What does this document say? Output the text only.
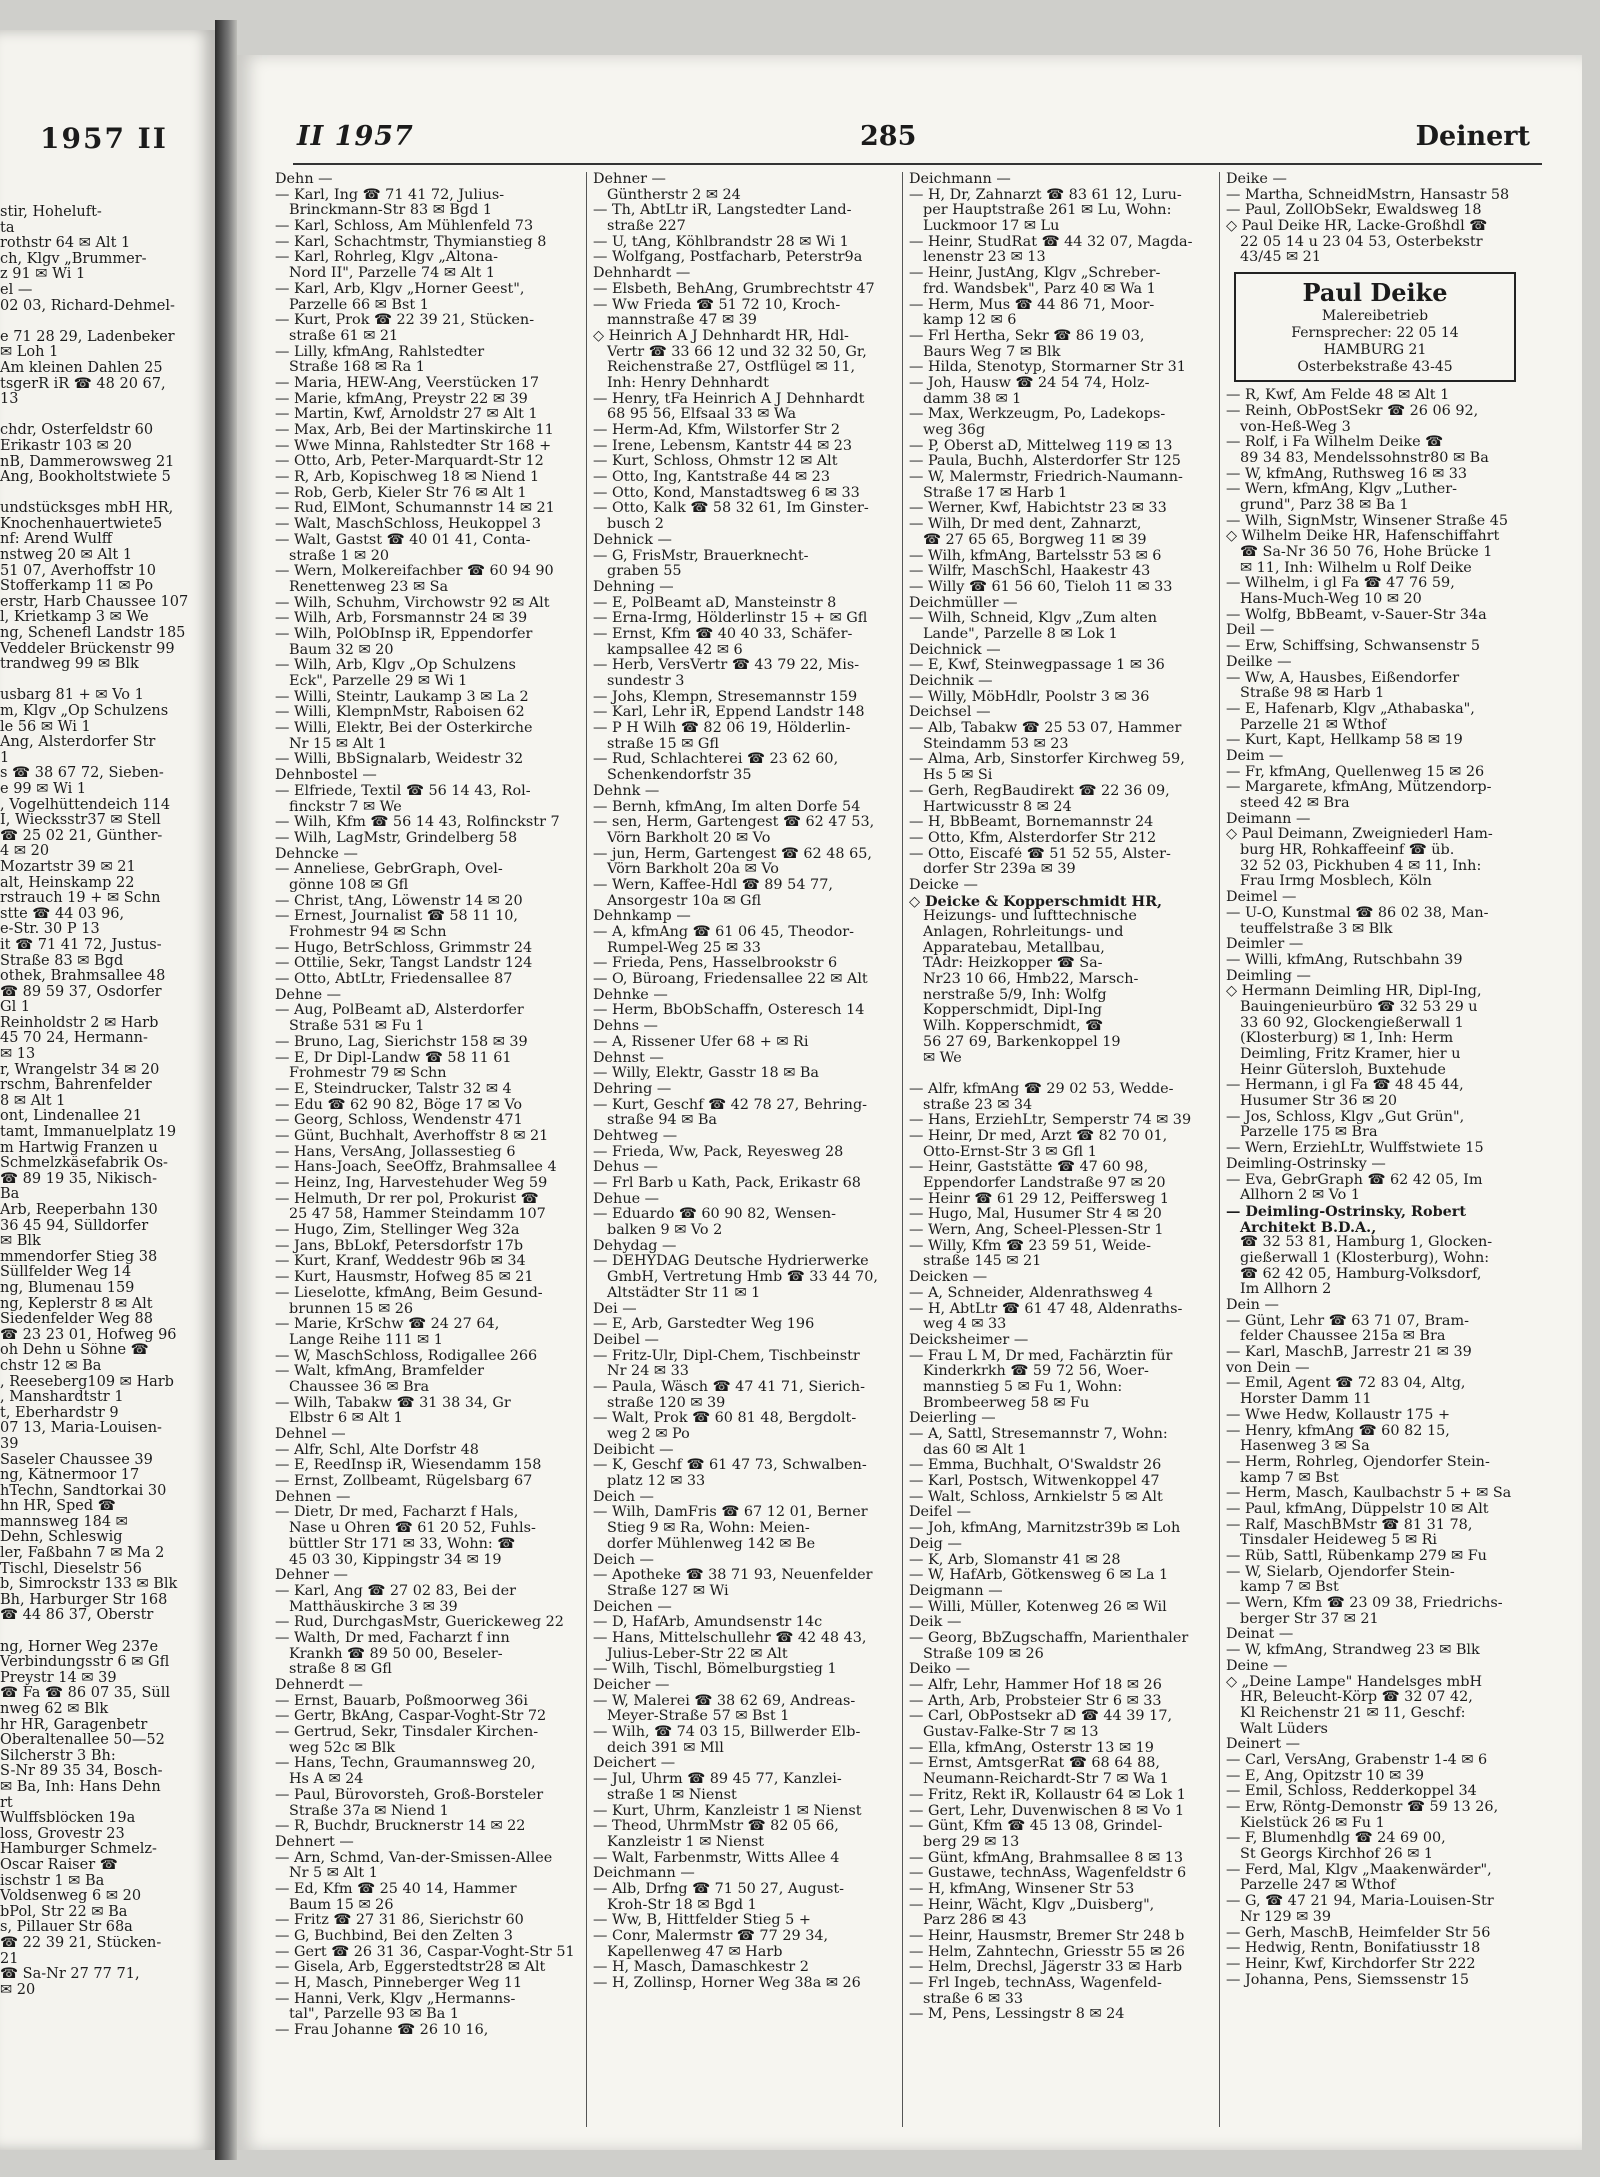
1957 II
stir, Hoheluft-
ta
rothstr 64 ✉ Alt 1
ch, Klgv „Brummer-
z 91 ✉ Wi 1
el —
02 03, Richard-Dehmel-
e 71 28 29, Ladenbeker
✉ Loh 1
Am kleinen Dahlen 25
tsgerR iR ☎ 48 20 67,
13
chdr, Osterfeldstr 60
Erikastr 103 ✉ 20
nB, Dammerowsweg 21
Ang, Bookholtstwiete 5
undstücksges mbH HR,
Knochenhauertwiete5
nf: Arend Wulff
nstweg 20 ✉ Alt 1
51 07, Averhoffstr 10
Stofferkamp 11 ✉ Po
erstr, Harb Chaussee 107
l, Krietkamp 3 ✉ We
ng, Schenefl Landstr 185
Veddeler Brückenstr 99
trandweg 99 ✉ Blk
usbarg 81 + ✉ Vo 1
m, Klgv „Op Schulzens
le 56 ✉ Wi 1
Ang, Alsterdorfer Str
1
s ☎ 38 67 72, Sieben-
e 99 ✉ Wi 1
, Vogelhüttendeich 114
I, Wiecksstr37 ✉ Stell
☎ 25 02 21, Günther-
4 ✉ 20
Mozartstr 39 ✉ 21
alt, Heinskamp 22
rstrauch 19 + ✉ Schn
stte ☎ 44 03 96,
e-Str. 30 P 13
it ☎ 71 41 72, Justus-
Straße 83 ✉ Bgd
othek, Brahmsallee 48
☎ 89 59 37, Osdorfer
Gl 1
Reinholdstr 2 ✉ Harb
45 70 24, Hermann-
✉ 13
r, Wrangelstr 34 ✉ 20
rschm, Bahrenfelder
8 ✉ Alt 1
ont, Lindenallee 21
tamt, Immanuelplatz 19
m Hartwig Franzen u
Schmelzkäsefabrik Os-
☎ 89 19 35, Nikisch-
Ba
Arb, Reeperbahn 130
36 45 94, Sülldorfer
✉ Blk
mmendorfer Stieg 38
Süllfelder Weg 14
ng, Blumenau 159
ng, Keplerstr 8 ✉ Alt
Siedenfelder Weg 88
☎ 23 23 01, Hofweg 96
oh Dehn u Söhne ☎
chstr 12 ✉ Ba
, Reeseberg109 ✉ Harb
, Manshardtstr 1
t, Eberhardstr 9
07 13, Maria-Louisen-
39
Saseler Chaussee 39
ng, Kätnermoor 17
hTechn, Sandtorkai 30
hn HR, Sped ☎
mannsweg 184 ✉
Dehn, Schleswig
ler, Faßbahn 7 ✉ Ma 2
Tischl, Dieselstr 56
b, Simrockstr 133 ✉ Blk
Bh, Harburger Str 168
☎ 44 86 37, Oberstr
ng, Horner Weg 237e
Verbindungsstr 6 ✉ Gfl
Preystr 14 ✉ 39
☎ Fa ☎ 86 07 35, Süll
nweg 62 ✉ Blk
hr HR, Garagenbetr
Oberaltenallee 50—52
Silcherstr 3 Bh:
S-Nr 89 35 34, Bosch-
✉ Ba, Inh: Hans Dehn
rt
Wulffsblöcken 19a
loss, Grovestr 23
Hamburger Schmelz-
Oscar Raiser ☎
ischstr 1 ✉ Ba
Voldsenweg 6 ✉ 20
bPol, Str 22 ✉ Ba
s, Pillauer Str 68a
☎ 22 39 21, Stücken-
21
☎ Sa-Nr 27 77 71,
✉ 20
II 1957	285	Deinert
Dehn —
— Karl, Ing ☎ 71 41 72, Julius-
Brinckmann-Str 83 ✉ Bgd 1
— Karl, Schloss, Am Mühlenfeld 73
— Karl, Schachtmstr, Thymianstieg 8
— Karl, Rohrleg, Klgv „Altona-
Nord II", Parzelle 74 ✉ Alt 1
— Karl, Arb, Klgv „Horner Geest",
Parzelle 66 ✉ Bst 1
— Kurt, Prok ☎ 22 39 21, Stücken-
straße 61 ✉ 21
— Lilly, kfmAng, Rahlstedter
Straße 168 ✉ Ra 1
— Maria, HEW-Ang, Veerstücken 17
— Marie, kfmAng, Preystr 22 ✉ 39
— Martin, Kwf, Arnoldstr 27 ✉ Alt 1
— Max, Arb, Bei der Martinskirche 11
— Wwe Minna, Rahlstedter Str 168 +
— Otto, Arb, Peter-Marquardt-Str 12
— R, Arb, Kopischweg 18 ✉ Niend 1
— Rob, Gerb, Kieler Str 76 ✉ Alt 1
— Rud, ElMont, Schumannstr 14 ✉ 21
— Walt, MaschSchloss, Heukoppel 3
— Walt, Gastst ☎ 40 01 41, Conta-
straße 1 ✉ 20
— Wern, Molkereifachber ☎ 60 94 90
Renettenweg 23 ✉ Sa
— Wilh, Schuhm, Virchowstr 92 ✉ Alt
— Wilh, Arb, Forsmannstr 24 ✉ 39
— Wilh, PolObInsp iR, Eppendorfer
Baum 32 ✉ 20
— Wilh, Arb, Klgv „Op Schulzens
Eck", Parzelle 29 ✉ Wi 1
— Willi, Steintr, Laukamp 3 ✉ La 2
— Willi, KlempnMstr, Raboisen 62
— Willi, Elektr, Bei der Osterkirche
Nr 15 ✉ Alt 1
— Willi, BbSignalarb, Weidestr 32
Dehnbostel —
— Elfriede, Textil ☎ 56 14 43, Rol-
finckstr 7 ✉ We
— Wilh, Kfm ☎ 56 14 43, Rolfinckstr 7
— Wilh, LagMstr, Grindelberg 58
Dehncke —
— Anneliese, GebrGraph, Ovel-
gönne 108 ✉ Gfl
— Christ, tAng, Löwenstr 14 ✉ 20
— Ernest, Journalist ☎ 58 11 10,
Frohmestr 94 ✉ Schn
— Hugo, BetrSchloss, Grimmstr 24
— Ottilie, Sekr, Tangst Landstr 124
— Otto, AbtLtr, Friedensallee 87
Dehne —
— Aug, PolBeamt aD, Alsterdorfer
Straße 531 ✉ Fu 1
— Bruno, Lag, Sierichstr 158 ✉ 39
— E, Dr Dipl-Landw ☎ 58 11 61
Frohmestr 79 ✉ Schn
— E, Steindrucker, Talstr 32 ✉ 4
— Edu ☎ 62 90 82, Böge 17 ✉ Vo
— Georg, Schloss, Wendenstr 471
— Günt, Buchhalt, Averhoffstr 8 ✉ 21
— Hans, VersAng, Jollassestieg 6
— Hans-Joach, SeeOffz, Brahmsallee 4
— Heinz, Ing, Harvestehuder Weg 59
— Helmuth, Dr rer pol, Prokurist ☎
25 47 58, Hammer Steindamm 107
— Hugo, Zim, Stellinger Weg 32a
— Jans, BbLokf, Petersdorfstr 17b
— Kurt, Kranf, Weddestr 96b ✉ 34
— Kurt, Hausmstr, Hofweg 85 ✉ 21
— Lieselotte, kfmAng, Beim Gesund-
brunnen 15 ✉ 26
— Marie, KrSchw ☎ 24 27 64,
Lange Reihe 111 ✉ 1
— W, MaschSchloss, Rodigallee 266
— Walt, kfmAng, Bramfelder
Chaussee 36 ✉ Bra
— Wilh, Tabakw ☎ 31 38 34, Gr
Elbstr 6 ✉ Alt 1
Dehnel —
— Alfr, Schl, Alte Dorfstr 48
— E, ReedInsp iR, Wiesendamm 158
— Ernst, Zollbeamt, Rügelsbarg 67
Dehnen —
— Dietr, Dr med, Facharzt f Hals,
Nase u Ohren ☎ 61 20 52, Fuhls-
büttler Str 171 ✉ 33, Wohn: ☎
45 03 30, Kippingstr 34 ✉ 19
Dehner —
— Karl, Ang ☎ 27 02 83, Bei der
Matthäuskirche 3 ✉ 39
— Rud, DurchgasMstr, Guerickeweg 22
— Walth, Dr med, Facharzt f inn
Krankh ☎ 89 50 00, Beseler-
straße 8 ✉ Gfl
Dehnerdt —
— Ernst, Bauarb, Poßmoorweg 36i
— Gertr, BkAng, Caspar-Voght-Str 72
— Gertrud, Sekr, Tinsdaler Kirchen-
weg 52c ✉ Blk
— Hans, Techn, Graumannsweg 20,
Hs A ✉ 24
— Paul, Bürovorsteh, Groß-Borsteler
Straße 37a ✉ Niend 1
— R, Buchdr, Brucknerstr 14 ✉ 22
Dehnert —
— Arn, Schmd, Van-der-Smissen-Allee
Nr 5 ✉ Alt 1
— Ed, Kfm ☎ 25 40 14, Hammer
Baum 15 ✉ 26
— Fritz ☎ 27 31 86, Sierichstr 60
— G, Buchbind, Bei den Zelten 3
— Gert ☎ 26 31 36, Caspar-Voght-Str 51
— Gisela, Arb, Eggerstedtstr28 ✉ Alt
— H, Masch, Pinneberger Weg 11
— Hanni, Verk, Klgv „Hermanns-
tal", Parzelle 93 ✉ Ba 1
— Frau Johanne ☎ 26 10 16,
Dehner —
Güntherstr 2 ✉ 24
— Th, AbtLtr iR, Langstedter Land-
straße 227
— U, tAng, Köhlbrandstr 28 ✉ Wi 1
— Wolfgang, Postfacharb, Peterstr9a
Dehnhardt —
— Elsbeth, BehAng, Grumbrechtstr 47
— Ww Frieda ☎ 51 72 10, Kroch-
mannstraße 47 ✉ 39
◇ Heinrich A J Dehnhardt HR, Hdl-
Vertr ☎ 33 66 12 und 32 32 50, Gr,
Reichenstraße 27, Ostflügel ✉ 11,
Inh: Henry Dehnhardt
— Henry, tFa Heinrich A J Dehnhardt
68 95 56, Elfsaal 33 ✉ Wa
— Herm-Ad, Kfm, Wilstorfer Str 2
— Irene, Lebensm, Kantstr 44 ✉ 23
— Kurt, Schloss, Ohmstr 12 ✉ Alt
— Otto, Ing, Kantstraße 44 ✉ 23
— Otto, Kond, Manstadtsweg 6 ✉ 33
— Otto, Kalk ☎ 58 32 61, Im Ginster-
busch 2
Dehnick —
— G, FrisMstr, Brauerknecht-
graben 55
Dehning —
— E, PolBeamt aD, Mansteinstr 8
— Erna-Irmg, Hölderlinstr 15 + ✉ Gfl
— Ernst, Kfm ☎ 40 40 33, Schäfer-
kampsallee 42 ✉ 6
— Herb, VersVertr ☎ 43 79 22, Mis-
sundestr 3
— Johs, Klempn, Stresemannstr 159
— Karl, Lehr iR, Eppend Landstr 148
— P H Wilh ☎ 82 06 19, Hölderlin-
straße 15 ✉ Gfl
— Rud, Schlachterei ☎ 23 62 60,
Schenkendorfstr 35
Dehnk —
— Bernh, kfmAng, Im alten Dorfe 54
— sen, Herm, Gartengest ☎ 62 47 53,
Vörn Barkholt 20 ✉ Vo
— jun, Herm, Gartengest ☎ 62 48 65,
Vörn Barkholt 20a ✉ Vo
— Wern, Kaffee-Hdl ☎ 89 54 77,
Ansorgestr 10a ✉ Gfl
Dehnkamp —
— A, kfmAng ☎ 61 06 45, Theodor-
Rumpel-Weg 25 ✉ 33
— Frieda, Pens, Hasselbrookstr 6
— O, Büroang, Friedensallee 22 ✉ Alt
Dehnke —
— Herm, BbObSchaffn, Osteresch 14
Dehns —
— A, Rissener Ufer 68 + ✉ Ri
Dehnst —
— Willy, Elektr, Gasstr 18 ✉ Ba
Dehring —
— Kurt, Geschf ☎ 42 78 27, Behring-
straße 94 ✉ Ba
Dehtweg —
— Frieda, Ww, Pack, Reyesweg 28
Dehus —
— Frl Barb u Kath, Pack, Erikastr 68
Dehue —
— Eduardo ☎ 60 90 82, Wensen-
balken 9 ✉ Vo 2
Dehydag —
— DEHYDAG Deutsche Hydrierwerke
GmbH, Vertretung Hmb ☎ 33 44 70,
Altstädter Str 11 ✉ 1
Dei —
— E, Arb, Garstedter Weg 196
Deibel —
— Fritz-Ulr, Dipl-Chem, Tischbeinstr
Nr 24 ✉ 33
— Paula, Wäsch ☎ 47 41 71, Sierich-
straße 120 ✉ 39
— Walt, Prok ☎ 60 81 48, Bergdolt-
weg 2 ✉ Po
Deibicht —
— K, Geschf ☎ 61 47 73, Schwalben-
platz 12 ✉ 33
Deich —
— Wilh, DamFris ☎ 67 12 01, Berner
Stieg 9 ✉ Ra, Wohn: Meien-
dorfer Mühlenweg 142 ✉ Be
Deich —
— Apotheke ☎ 38 71 93, Neuenfelder
Straße 127 ✉ Wi
Deichen —
— D, HafArb, Amundsenstr 14c
— Hans, Mittelschullehr ☎ 42 48 43,
Julius-Leber-Str 22 ✉ Alt
— Wilh, Tischl, Bömelburgstieg 1
Deicher —
— W, Malerei ☎ 38 62 69, Andreas-
Meyer-Straße 57 ✉ Bst 1
— Wilh, ☎ 74 03 15, Billwerder Elb-
deich 391 ✉ Mll
Deichert —
— Jul, Uhrm ☎ 89 45 77, Kanzlei-
straße 1 ✉ Nienst
— Kurt, Uhrm, Kanzleistr 1 ✉ Nienst
— Theod, UhrmMstr ☎ 82 05 66,
Kanzleistr 1 ✉ Nienst
— Walt, Farbenmstr, Witts Allee 4
Deichmann —
— Alb, Drfng ☎ 71 50 27, August-
Kroh-Str 18 ✉ Bgd 1
— Ww, B, Hittfelder Stieg 5 +
— Conr, Malermstr ☎ 77 29 34,
Kapellenweg 47 ✉ Harb
— H, Masch, Damaschkestr 2
— H, Zollinsp, Horner Weg 38a ✉ 26
Deichmann —
— H, Dr, Zahnarzt ☎ 83 61 12, Luru-
per Hauptstraße 261 ✉ Lu, Wohn:
Luckmoor 17 ✉ Lu
— Heinr, StudRat ☎ 44 32 07, Magda-
lenenstr 23 ✉ 13
— Heinr, JustAng, Klgv „Schreber-
frd. Wandsbek", Parz 40 ✉ Wa 1
— Herm, Mus ☎ 44 86 71, Moor-
kamp 12 ✉ 6
— Frl Hertha, Sekr ☎ 86 19 03,
Baurs Weg 7 ✉ Blk
— Hilda, Stenotyp, Stormarner Str 31
— Joh, Hausw ☎ 24 54 74, Holz-
damm 38 ✉ 1
— Max, Werkzeugm, Po, Ladekops-
weg 36g
— P, Oberst aD, Mittelweg 119 ✉ 13
— Paula, Buchh, Alsterdorfer Str 125
— W, Malermstr, Friedrich-Naumann-
Straße 17 ✉ Harb 1
— Werner, Kwf, Habichtstr 23 ✉ 33
— Wilh, Dr med dent, Zahnarzt,
☎ 27 65 65, Borgweg 11 ✉ 39
— Wilh, kfmAng, Bartelsstr 53 ✉ 6
— Wilfr, MaschSchl, Haakestr 43
— Willy ☎ 61 56 60, Tieloh 11 ✉ 33
Deichmüller —
— Wilh, Schneid, Klgv „Zum alten
Lande", Parzelle 8 ✉ Lok 1
Deichnick —
— E, Kwf, Steinwegpassage 1 ✉ 36
Deichnik —
— Willy, MöbHdlr, Poolstr 3 ✉ 36
Deichsel —
— Alb, Tabakw ☎ 25 53 07, Hammer
Steindamm 53 ✉ 23
— Alma, Arb, Sinstorfer Kirchweg 59,
Hs 5 ✉ Si
— Gerh, RegBaudirekt ☎ 22 36 09,
Hartwicusstr 8 ✉ 24
— H, BbBeamt, Bornemannstr 24
— Otto, Kfm, Alsterdorfer Str 212
— Otto, Eiscafé ☎ 51 52 55, Alster-
dorfer Str 239a ✉ 39
Deicke —
◇ Deicke & Kopperschmidt HR,
Heizungs- und lufttechnische
Anlagen, Rohrleitungs- und
Apparatebau, Metallbau,
TAdr: Heizkopper ☎ Sa-
Nr23 10 66, Hmb22, Marsch-
nerstraße 5/9, Inh: Wolfg
Kopperschmidt, Dipl-Ing
Wilh. Kopperschmidt, ☎
56 27 69, Barkenkoppel 19
✉ We
— Alfr, kfmAng ☎ 29 02 53, Wedde-
straße 23 ✉ 34
— Hans, ErziehLtr, Semperstr 74 ✉ 39
— Heinr, Dr med, Arzt ☎ 82 70 01,
Otto-Ernst-Str 3 ✉ Gfl 1
— Heinr, Gaststätte ☎ 47 60 98,
Eppendorfer Landstraße 97 ✉ 20
— Heinr ☎ 61 29 12, Peiffersweg 1
— Hugo, Mal, Husumer Str 4 ✉ 20
— Wern, Ang, Scheel-Plessen-Str 1
— Willy, Kfm ☎ 23 59 51, Weide-
straße 145 ✉ 21
Deicken —
— A, Schneider, Aldenrathsweg 4
— H, AbtLtr ☎ 61 47 48, Aldenraths-
weg 4 ✉ 33
Deicksheimer —
— Frau L M, Dr med, Fachärztin für
Kinderkrkh ☎ 59 72 56, Woer-
mannstieg 5 ✉ Fu 1, Wohn:
Brombeerweg 58 ✉ Fu
Deierling —
— A, Sattl, Stresemannstr 7, Wohn:
das 60 ✉ Alt 1
— Emma, Buchhalt, O'Swaldstr 26
— Karl, Postsch, Witwenkoppel 47
— Walt, Schloss, Arnkielstr 5 ✉ Alt
Deifel —
— Joh, kfmAng, Marnitzstr39b ✉ Loh
Deig —
— K, Arb, Slomanstr 41 ✉ 28
— W, HafArb, Götkensweg 6 ✉ La 1
Deigmann —
— Willi, Müller, Kotenweg 26 ✉ Wil
Deik —
— Georg, BbZugschaffn, Marienthaler
Straße 109 ✉ 26
Deiko —
— Alfr, Lehr, Hammer Hof 18 ✉ 26
— Arth, Arb, Probsteier Str 6 ✉ 33
— Carl, ObPostsekr aD ☎ 44 39 17,
Gustav-Falke-Str 7 ✉ 13
— Ella, kfmAng, Osterstr 13 ✉ 19
— Ernst, AmtsgerRat ☎ 68 64 88,
Neumann-Reichardt-Str 7 ✉ Wa 1
— Fritz, Rekt iR, Kollaustr 64 ✉ Lok 1
— Gert, Lehr, Duvenwischen 8 ✉ Vo 1
— Günt, Kfm ☎ 45 13 08, Grindel-
berg 29 ✉ 13
— Günt, kfmAng, Brahmsallee 8 ✉ 13
— Gustawe, technAss, Wagenfeldstr 6
— H, kfmAng, Winsener Str 53
— Heinr, Wächt, Klgv „Duisberg",
Parz 286 ✉ 43
— Heinr, Hausmstr, Bremer Str 248 b
— Helm, Zahntechn, Griesstr 55 ✉ 26
— Helm, Drechsl, Jägerstr 33 ✉ Harb
— Frl Ingeb, technAss, Wagenfeld-
straße 6 ✉ 33
— M, Pens, Lessingstr 8 ✉ 24
Deike —
— Martha, SchneidMstrn, Hansastr 58
— Paul, ZollObSekr, Ewaldsweg 18
◇ Paul Deike HR, Lacke-Großhdl ☎
22 05 14 u 23 04 53, Osterbekstr
43/45 ✉ 21
Paul Deike
Malereibetrieb
Fernsprecher: 22 05 14
HAMBURG 21
Osterbekstraße 43-45
— R, Kwf, Am Felde 48 ✉ Alt 1
— Reinh, ObPostSekr ☎ 26 06 92,
von-Heß-Weg 3
— Rolf, i Fa Wilhelm Deike ☎
89 34 83, Mendelssohnstr80 ✉ Ba
— W, kfmAng, Ruthsweg 16 ✉ 33
— Wern, kfmAng, Klgv „Luther-
grund", Parz 38 ✉ Ba 1
— Wilh, SignMstr, Winsener Straße 45
◇ Wilhelm Deike HR, Hafenschiffahrt
☎ Sa-Nr 36 50 76, Hohe Brücke 1
✉ 11, Inh: Wilhelm u Rolf Deike
— Wilhelm, i gl Fa ☎ 47 76 59,
Hans-Much-Weg 10 ✉ 20
— Wolfg, BbBeamt, v-Sauer-Str 34a
Deil —
— Erw, Schiffsing, Schwansenstr 5
Deilke —
— Ww, A, Hausbes, Eißendorfer
Straße 98 ✉ Harb 1
— E, Hafenarb, Klgv „Athabaska",
Parzelle 21 ✉ Wthof
— Kurt, Kapt, Hellkamp 58 ✉ 19
Deim —
— Fr, kfmAng, Quellenweg 15 ✉ 26
— Margarete, kfmAng, Mützendorp-
steed 42 ✉ Bra
Deimann —
◇ Paul Deimann, Zweigniederl Ham-
burg HR, Rohkaffeeinf ☎ üb.
32 52 03, Pickhuben 4 ✉ 11, Inh:
Frau Irmg Mosblech, Köln
Deimel —
— U-O, Kunstmal ☎ 86 02 38, Man-
teuffelstraße 3 ✉ Blk
Deimler —
— Willi, kfmAng, Rutschbahn 39
Deimling —
◇ Hermann Deimling HR, Dipl-Ing,
Bauingenieurbüro ☎ 32 53 29 u
33 60 92, Glockengießerwall 1
(Klosterburg) ✉ 1, Inh: Herm
Deimling, Fritz Kramer, hier u
Heinr Gütersloh, Buxtehude
— Hermann, i gl Fa ☎ 48 45 44,
Husumer Str 36 ✉ 20
— Jos, Schloss, Klgv „Gut Grün",
Parzelle 175 ✉ Bra
— Wern, ErziehLtr, Wulffstwiete 15
Deimling-Ostrinsky —
— Eva, GebrGraph ☎ 62 42 05, Im
Allhorn 2 ✉ Vo 1
— Deimling-Ostrinsky, Robert
Architekt B.D.A.,
☎ 32 53 81, Hamburg 1, Glocken-
gießerwall 1 (Klosterburg), Wohn:
☎ 62 42 05, Hamburg-Volksdorf,
Im Allhorn 2
Dein —
— Günt, Lehr ☎ 63 71 07, Bram-
felder Chaussee 215a ✉ Bra
— Karl, MaschB, Jarrestr 21 ✉ 39
von Dein —
— Emil, Agent ☎ 72 83 04, Altg,
Horster Damm 11
— Wwe Hedw, Kollaustr 175 +
— Henry, kfmAng ☎ 60 82 15,
Hasenweg 3 ✉ Sa
— Herm, Rohrleg, Ojendorfer Stein-
kamp 7 ✉ Bst
— Herm, Masch, Kaulbachstr 5 + ✉ Sa
— Paul, kfmAng, Düppelstr 10 ✉ Alt
— Ralf, MaschBMstr ☎ 81 31 78,
Tinsdaler Heideweg 5 ✉ Ri
— Rüb, Sattl, Rübenkamp 279 ✉ Fu
— W, Sielarb, Ojendorfer Stein-
kamp 7 ✉ Bst
— Wern, Kfm ☎ 23 09 38, Friedrichs-
berger Str 37 ✉ 21
Deinat —
— W, kfmAng, Strandweg 23 ✉ Blk
Deine —
◇ „Deine Lampe" Handelsges mbH
HR, Beleucht-Körp ☎ 32 07 42,
Kl Reichenstr 21 ✉ 11, Geschf:
Walt Lüders
Deinert —
— Carl, VersAng, Grabenstr 1-4 ✉ 6
— E, Ang, Opitzstr 10 ✉ 39
— Emil, Schloss, Redderkoppel 34
— Erw, Röntg-Demonstr ☎ 59 13 26,
Kielstück 26 ✉ Fu 1
— F, Blumenhdlg ☎ 24 69 00,
St Georgs Kirchhof 26 ✉ 1
— Ferd, Mal, Klgv „Maakenwärder",
Parzelle 247 ✉ Wthof
— G, ☎ 47 21 94, Maria-Louisen-Str
Nr 129 ✉ 39
— Gerh, MaschB, Heimfelder Str 56
— Hedwig, Rentn, Bonifatiusstr 18
— Heinr, Kwf, Kirchdorfer Str 222
— Johanna, Pens, Siemssenstr 15
